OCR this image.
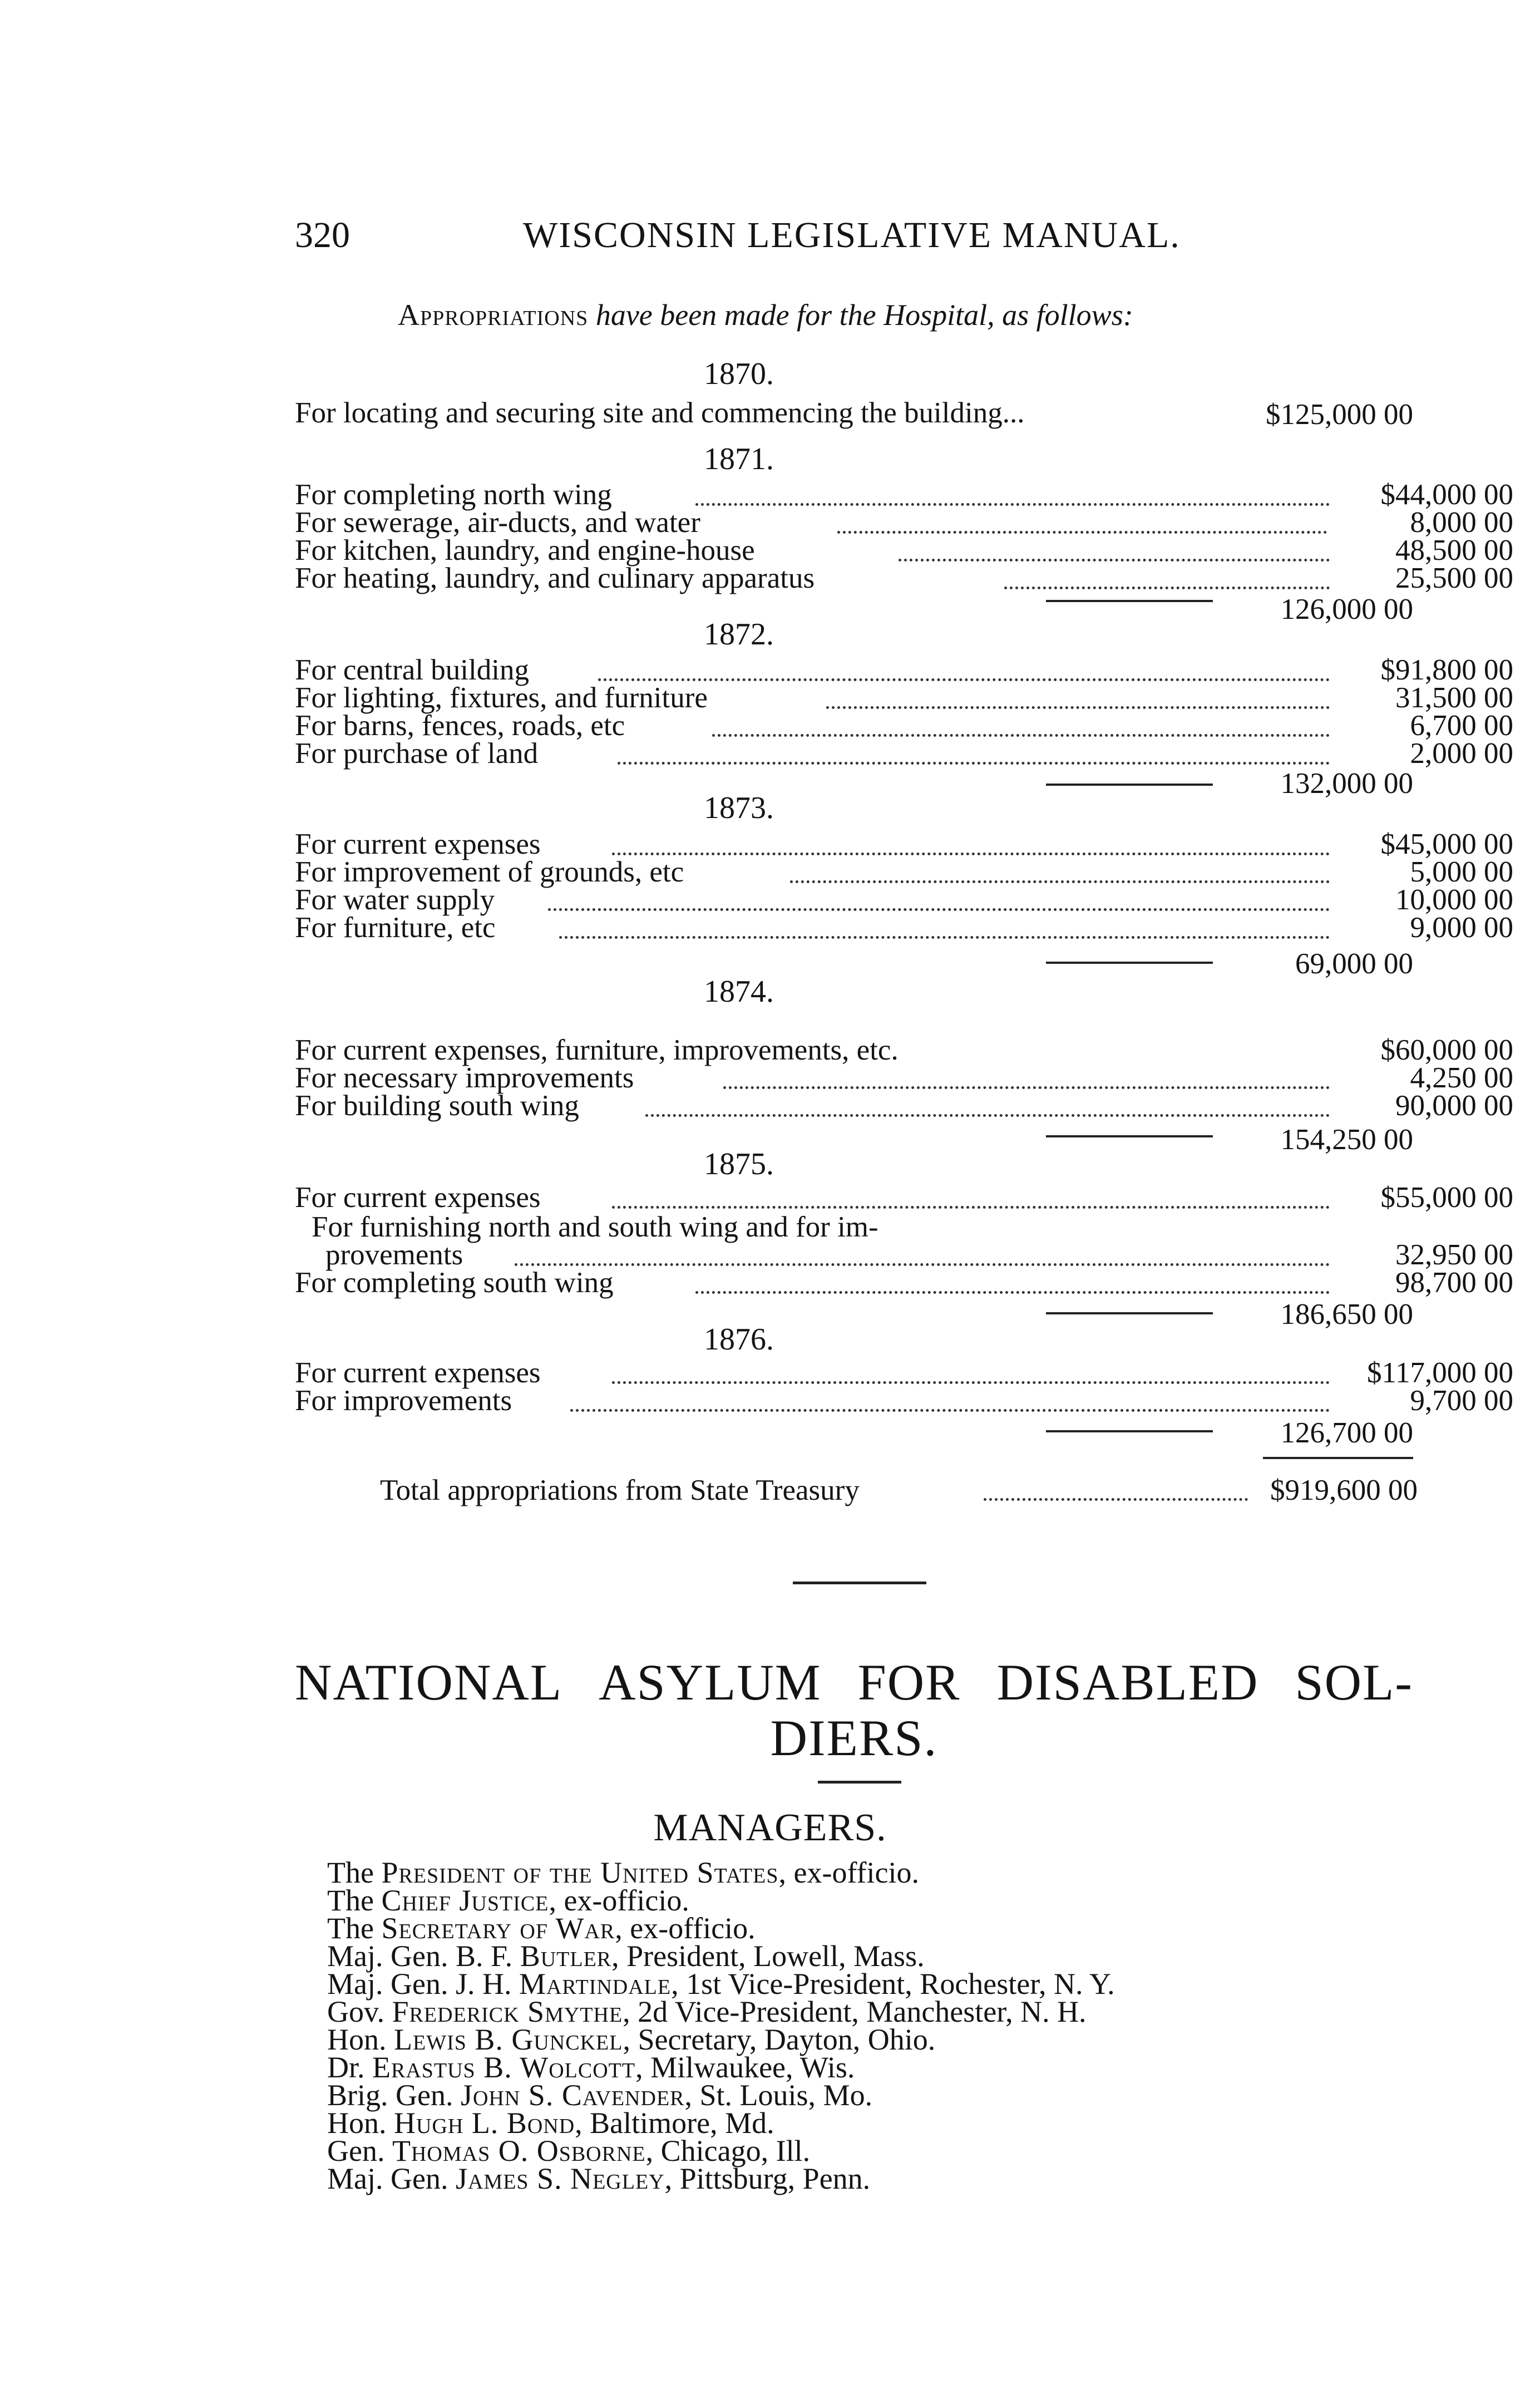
320	WISCONSIN LEGISLATIVE MANUAL.
Appropriations have been made for the Hospital, as follows:
1870.
For locating and securing site and commencing the building...	$125,000 00
1871.
For completing north wing	$44,000 00
For sewerage, air-ducts, and water	8,000 00
For kitchen, laundry, and engine-house	48,500 00
For heating, laundry, and culinary apparatus	25,500 00
126,000 00
1872.
For central building	$91,800 00
For lighting, fixtures, and furniture	31,500 00
For barns, fences, roads, etc	6,700 00
For purchase of land	2,000 00
132,000 00
1873.
For current expenses	$45,000 00
For improvement of grounds, etc	5,000 00
For water supply	10,000 00
For furniture, etc	9,000 00
69,000 00
1874.
For current expenses, furniture, improvements, etc.	$60,000 00
For necessary improvements	4,250 00
For building south wing	90,000 00
154,250 00
1875.
For current expenses	$55,000 00
For furnishing north and south wing and for im-
provements	32,950 00
For completing south wing	98,700 00
186,650 00
1876.
For current expenses	$117,000 00
For improvements	9,700 00
126,700 00
Total appropriations from State Treasury	$919,600 00
NATIONAL ASYLUM FOR DISABLED SOL-
DIERS.
MANAGERS.
The President of the United States, ex-officio.
The Chief Justice, ex-officio.
The Secretary of War, ex-officio.
Maj. Gen. B. F. Butler, President, Lowell, Mass.
Maj. Gen. J. H. Martindale, 1st Vice-President, Rochester, N. Y.
Gov. Frederick Smythe, 2d Vice-President, Manchester, N. H.
Hon. Lewis B. Gunckel, Secretary, Dayton, Ohio.
Dr. Erastus B. Wolcott, Milwaukee, Wis.
Brig. Gen. John S. Cavender, St. Louis, Mo.
Hon. Hugh L. Bond, Baltimore, Md.
Gen. Thomas O. Osborne, Chicago, Ill.
Maj. Gen. James S. Negley, Pittsburg, Penn.
